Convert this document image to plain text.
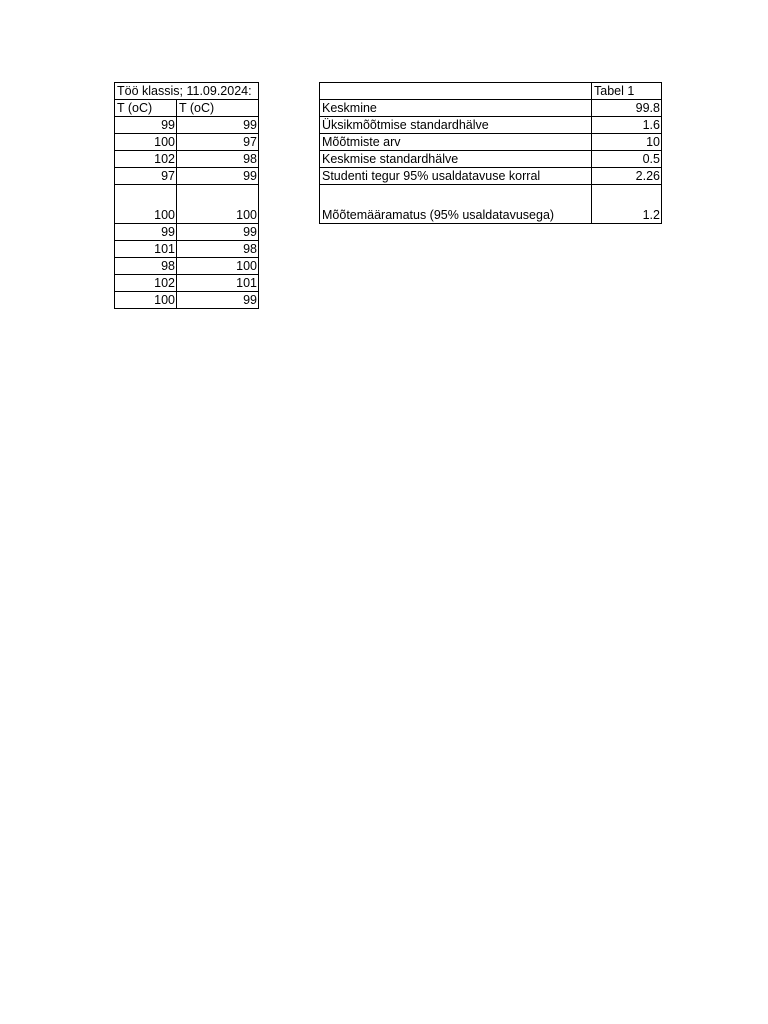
Töö klassis; 11.09.2024:	
T (oC)	T (oC)
99	99
100	97
102	98
97	99
100	100
99	99
101	98
98	100
102	101
100	99
	Tabel 1
Keskmine	99.8
Üksikmõõtmise standardhälve	1.6
Mõõtmiste arv	10
Keskmise standardhälve	0.5
Studenti tegur 95% usaldatavuse korral	2.26
Mõõtemääramatus (95% usaldatavusega)	1.2
